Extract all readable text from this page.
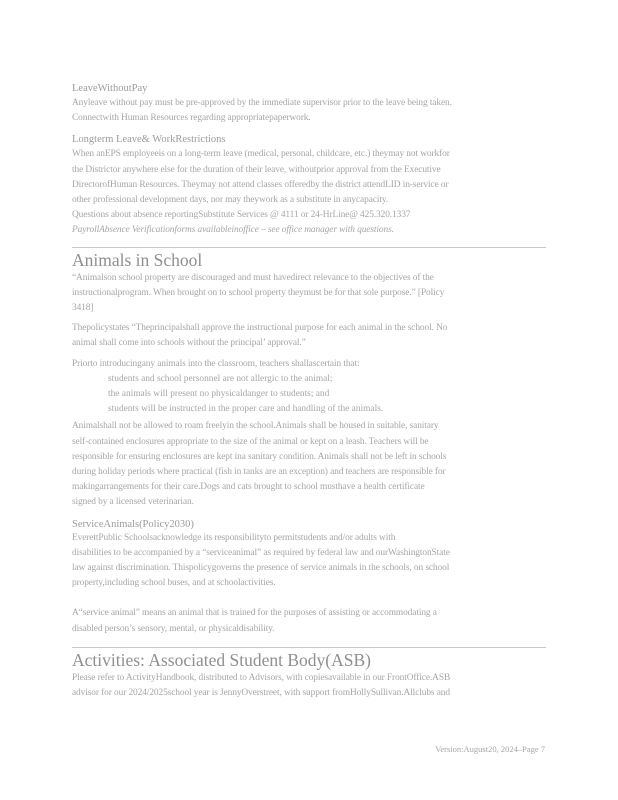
LeaveWithoutPay
Anyleave without pay must be pre-approved by the immediate supervisor prior to the leave being taken.
Connectwith Human Resources regarding appropriatepaperwork.
Longterm Leave& WorkRestrictions
When anEPS employeeis on a long-term leave (medical, personal, childcare, etc.) theymay not workfor
the Districtor anywhere else for the duration of their leave, withoutprior approval from the Executive
DirectorofHuman Resources. Theymay not attend classes offeredby the district attendLID in-service or
other professional development days, nor may theywork as a substitute in anycapacity.
Questions about absence reportingSubstitute Services @ 4111 or 24-HrLine@ 425.320.1337
PayrollAbsence Verificationforms availableinoffice – see office manager with questions.
Animals in School
“Animalson school property are discouraged and must havedirect relevance to the objectives of the
instructionalprogram. When brought on to school property theymust be for that sole purpose.” [Policy
3418]
Thepolicystates “Theprincipalshall approve the instructional purpose for each animal in the school. No
animal shall come into schools without the principal’ approval.”
Priorto introducingany animals into the classroom, teachers shallascertain that:
students and school personnel are not allergic to the animal;
the animals will present no physicaldanger to students; and
students will be instructed in the proper care and handling of the animals.
Animalshall not be allowed to roam freelyin the school.Animals shall be housed in suitable, sanitary
self-contained enclosures appropriate to the size of the animal or kept on a leash. Teachers will be
responsible for ensuring enclosures are kept ina sanitary condition. Animals shall not be left in schools
during holiday periods where practical (fish in tanks are an exception) and teachers are responsible for
makingarrangements for their care.Dogs and cats brought to school musthave a health certificate
signed by a licensed veterinarian.
ServiceAnimals(Policy2030)
EverettPublic Schoolsacknowledge its responsibilityto permitstudents and/or adults with
disabilities to be accompanied by a “serviceanimal” as required by federal law and ourWashingtonState
law against discrimination. Thispolicygoverns the presence of service animals in the schools, on school
property,including school buses, and at schoolactivities.
A“service animal” means an animal that is trained for the purposes of assisting or accommodating a
disabled person’s sensory, mental, or physicaldisability.
Activities: Associated Student Body(ASB)
Please refer to ActivityHandbook, distributed to Advisors, with copiesavailable in our FrontOffice.ASB
advisor for our 2024/2025school year is JennyOverstreet, with support fromHollySullivan.Allclubs and
Version:August20, 2024–Page 7
